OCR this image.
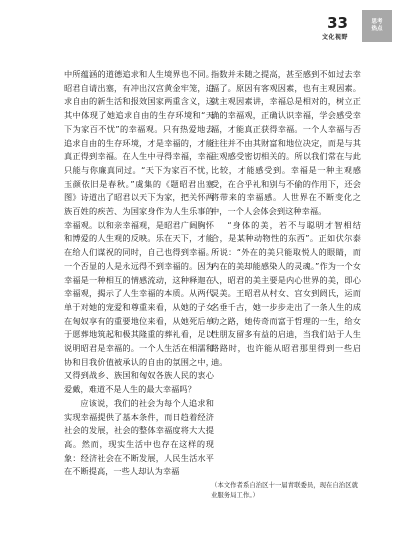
33
文化视野
思考
热点

中所蕴涵的道德追求和人生境界也不同。昭君自请出塞，有冲出汉宫黄金牢笼，追求自由的新生活和报效国家两重含义，这其中体现了她追求自由的生存环境和“天下为家百不忧”的幸福观。只有热爱地去追求自由的生存环境，才是幸福的，才能真正得到幸福。在人生中寻得幸福，幸福只能与你廉真同过。“天下为家百不忧，玉颜依旧是春秋。”虞集的《题昭君出塞图》诗道出了昭君以天下为家，把关怀两族百姓的疾苦、为国家身作为人生乐事的幸福观。以和亲幸福观，是昭君广阔胸怀和博爱的人生观的反映。乐在天下，才能在给人们谋祝的同时，自己也得到幸福。一个否显的人是永远得不到幸福的。因为幸福是一种相互的情感流动，这种释迦在幸福观，揭示了人生幸福的本质。从两代单于对她的宠爱和尊重来看，从她的子女在匈奴享有的重要地位来看，从她死后单于愿葬地筑起和极其隆重的葬礼看，足以说明昭君是幸福的。一个人生活在相濡和协和目我价值被承认的自由的氛围之中，又得到战乡、族国和匈奴各族人民的衷心爱戴，难道不是人生的最大幸福吗？

应该说，我们的社会为每个人追求和实现幸福提供了基本条件，而日趋着经济社会的发展，社会的整体幸福度将大大提高。然而，现实生活中也存在这样的现象：经济社会在不断发展，人民生活水平在不断提高，一些人却认为幸福

指数并未随之提高，甚至感到不如过去幸福了。原因有客观因素，也有主观因素。就主观因素讲，幸福总是相对的，树立正确的幸福观，正确认识幸福，学会感受幸福，才能真正获得幸福。一个人幸福与否往往并不由其财富和地位决定，而是与其主观感受密切相关的。所以我们常在与此比较，才能感受到。幸福是一种主观感受，在合乎礼和别与不偷的作用下，还会将带来的幸福感。人世界在不断变化之中，一个人会体会到这种幸福。

“身体的美，若不与聪明才智相结合，是某种动物性的东西”。正如伏尔泰所说：“外在的美只能取悦人的眼睛，而内在的美却能感染人的灵魂。”作为一个女人，昭君的美主要是内心世界的美，即心灵美。王昭君从村女、宫女到阏氏，运而名垂千古，她一步步走出了一条人生的成功之路，她传奇而富于哲理的一生，给女性朋友留多有益的启迪，当我们站于人生路路时，也许能从昭君那里得到一些启迪。

（本文作者系自治区十一届青联委员，现在自治区就业服务局工作。）
